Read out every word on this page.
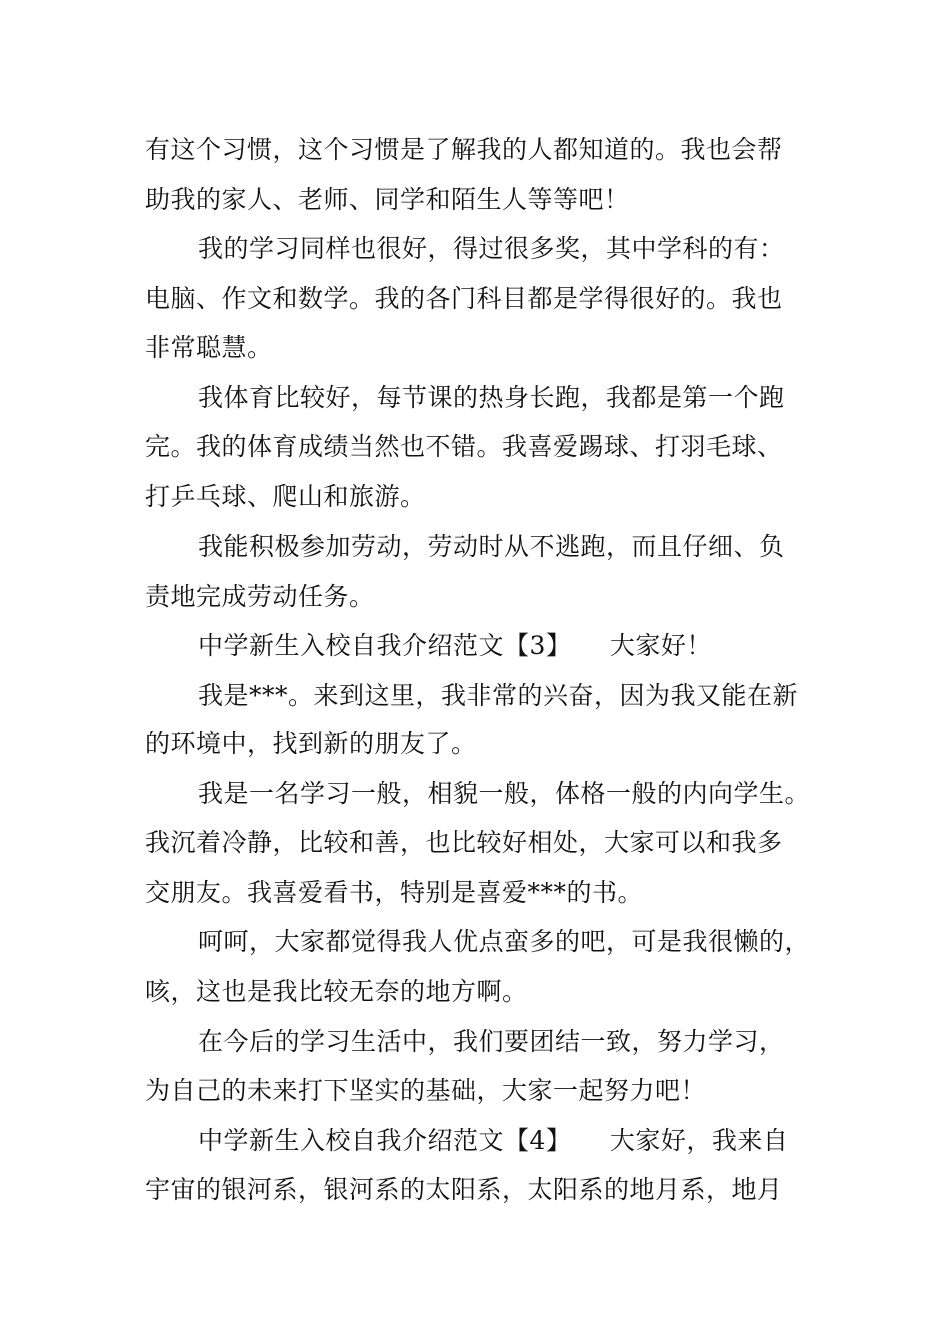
有这个习惯，这个习惯是了解我的人都知道的。我也会帮
助我的家人、老师、同学和陌生人等等吧！
我的学习同样也很好，得过很多奖，其中学科的有：
电脑、作文和数学。我的各门科目都是学得很好的。我也
非常聪慧。
我体育比较好，每节课的热身长跑，我都是第一个跑
完。我的体育成绩当然也不错。我喜爱踢球、打羽毛球、
打乒乓球、爬山和旅游。
我能积极参加劳动，劳动时从不逃跑，而且仔细、负
责地完成劳动任务。
中学新生入校自我介绍范文【3】　　大家好！
我是***。来到这里，我非常的兴奋，因为我又能在新
的环境中，找到新的朋友了。
我是一名学习一般，相貌一般，体格一般的内向学生。
我沉着冷静，比较和善，也比较好相处，大家可以和我多
交朋友。我喜爱看书，特别是喜爱***的书。
呵呵，大家都觉得我人优点蛮多的吧，可是我很懒的，
咳，这也是我比较无奈的地方啊。
在今后的学习生活中，我们要团结一致，努力学习，
为自己的未来打下坚实的基础，大家一起努力吧！
中学新生入校自我介绍范文【4】　　大家好，我来自
宇宙的银河系，银河系的太阳系，太阳系的地月系，地月
